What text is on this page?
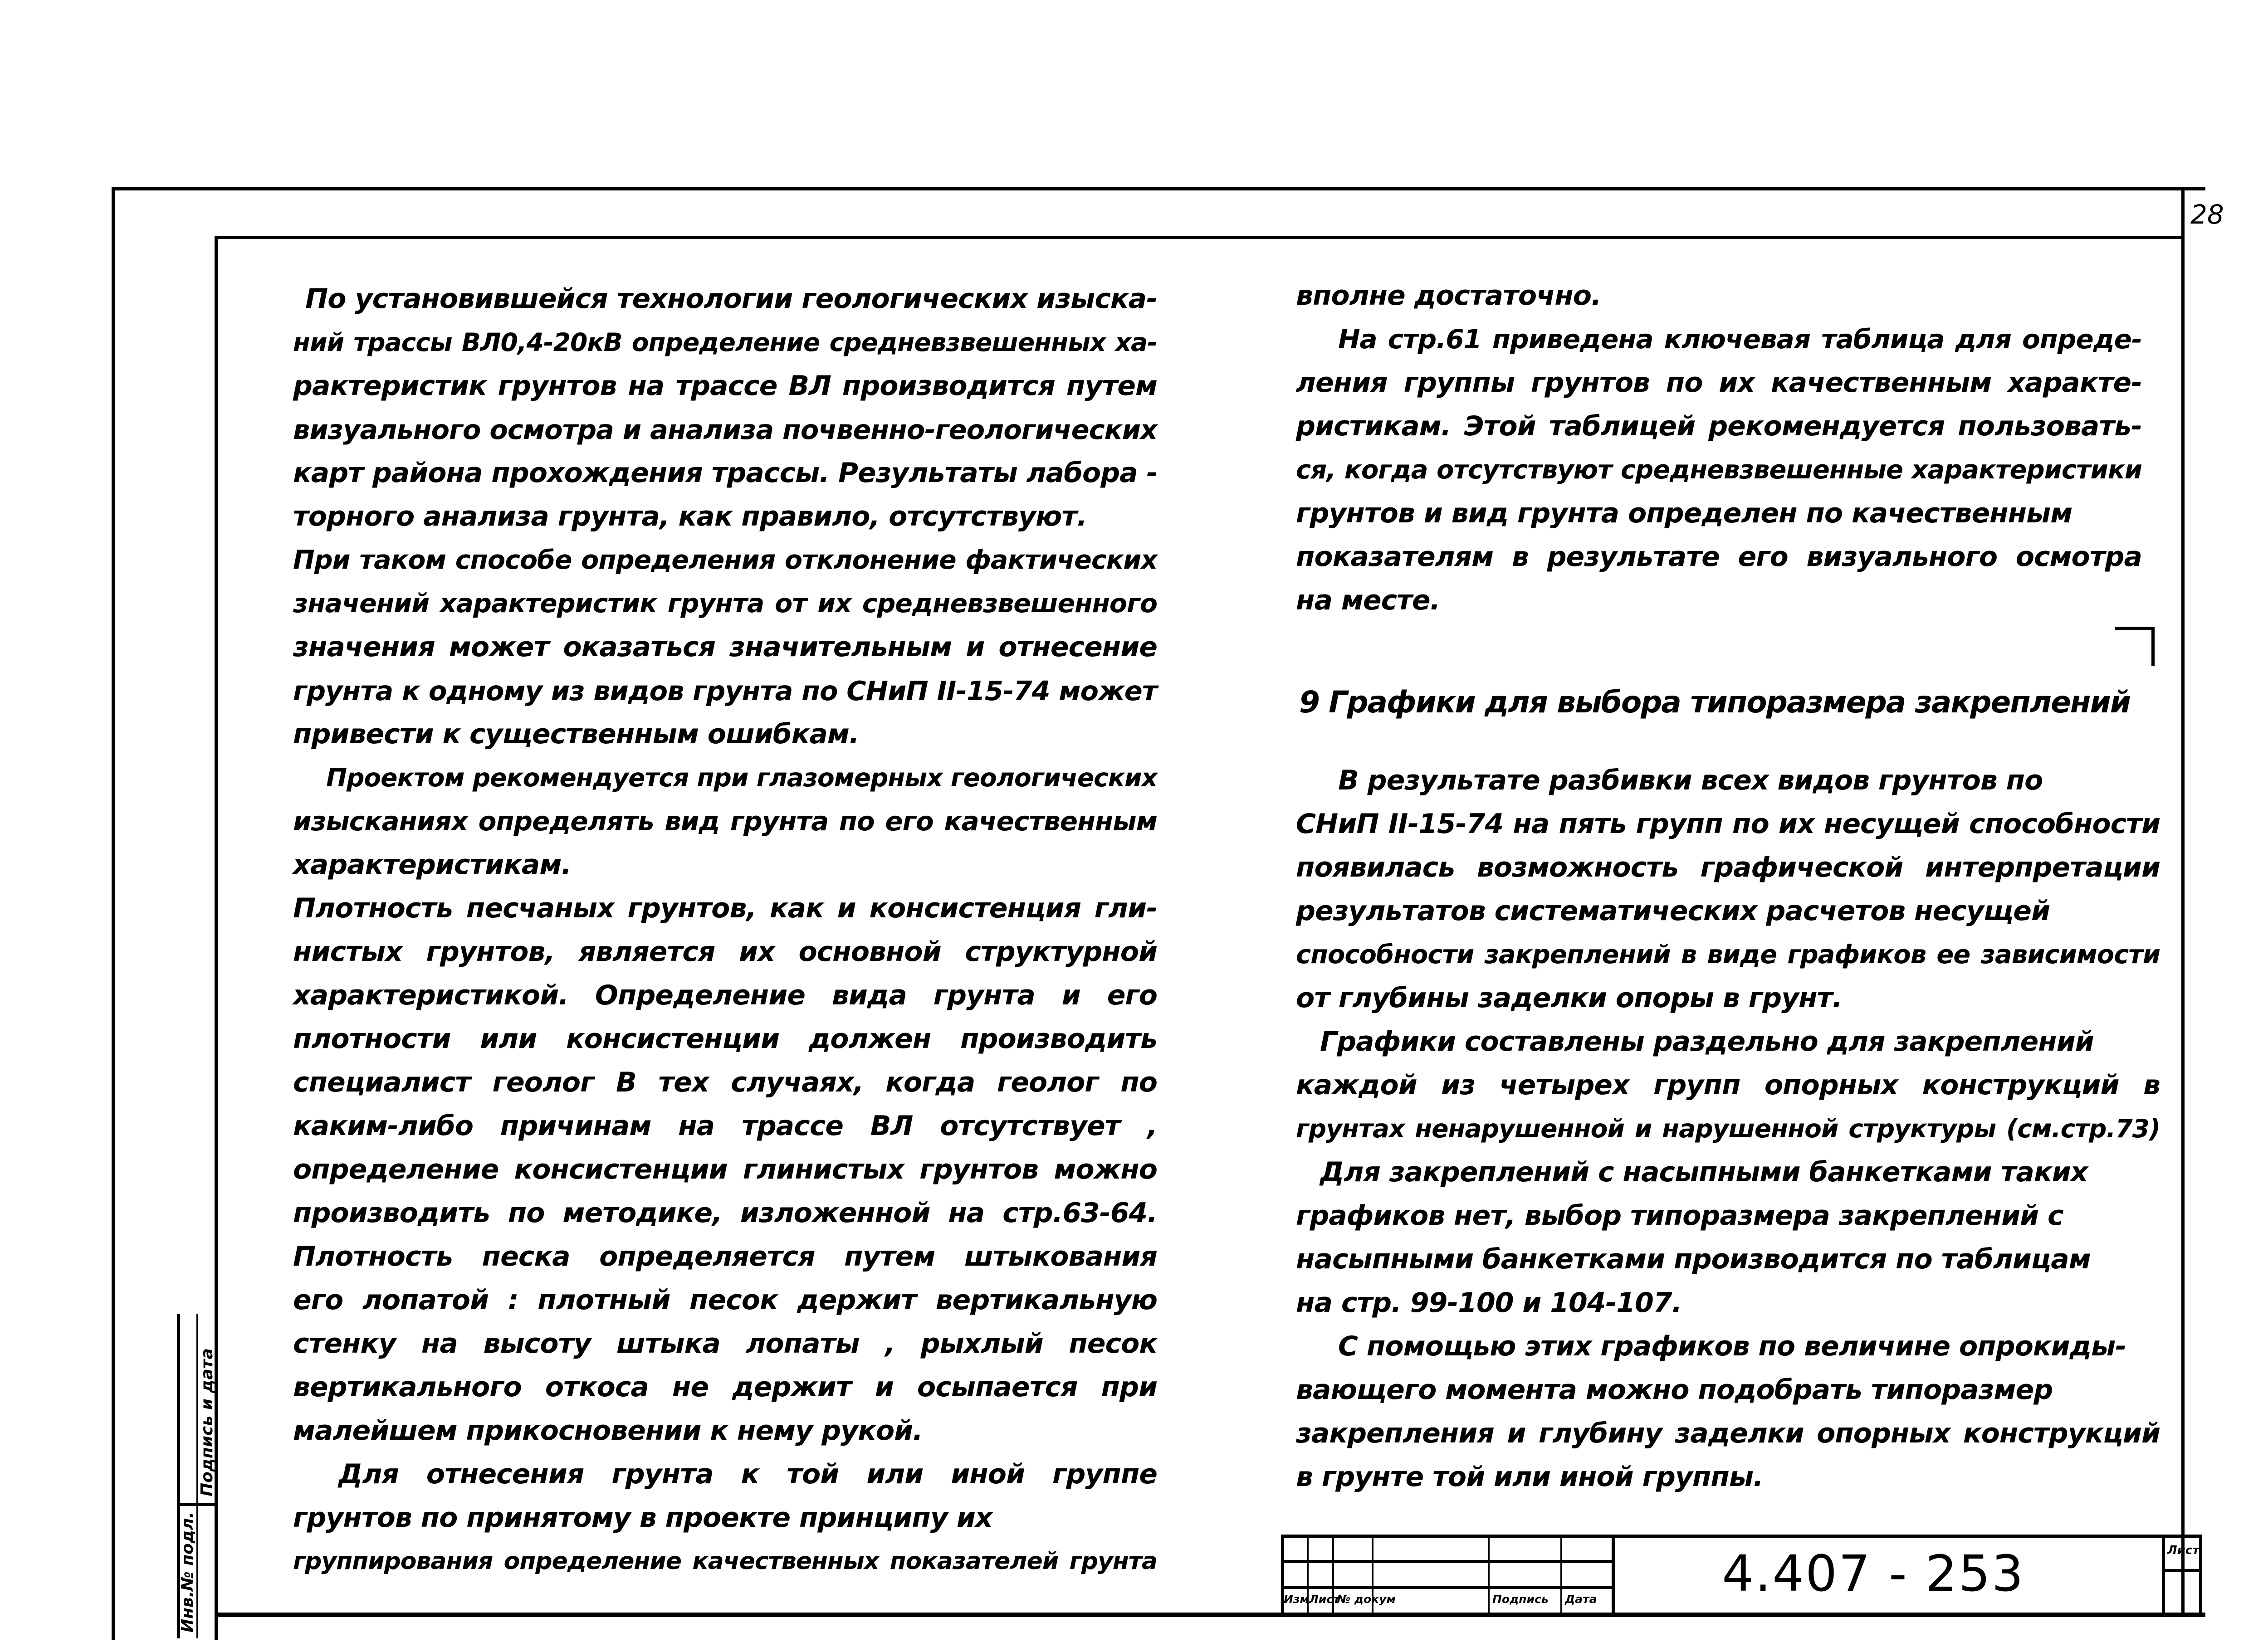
28
Инв.№ подл.
Подпись и дата
По установившейся технологии геологических изыска-
ний трассы ВЛ0,4-20кВ определение средневзвешенных ха-
рактеристик грунтов на трассе ВЛ производится путем
визуального осмотра и анализа почвенно-геологических
карт района прохождения трассы. Результаты лабора -
торного анализа грунта, как правило, отсутствуют.
При таком способе определения отклонение фактических
значений характеристик грунта от их средневзвешенного
значения может оказаться значительным и отнесение
грунта к одному из видов грунта по СНиП II-15-74 может
привести к существенным ошибкам.
Проектом рекомендуется при глазомерных геологических
изысканиях определять вид грунта по его качественным
характеристикам.
Плотность песчаных грунтов, как и консистенция гли-
нистых грунтов, является их основной структурной
характеристикой. Определение вида грунта и его
плотности или консистенции должен производить
специалист геолог В тех случаях, когда геолог по
каким-либо причинам на трассе ВЛ отсутствует ,
определение консистенции глинистых грунтов можно
производить по методике, изложенной на стр.63-64.
Плотность песка определяется путем штыкования
его лопатой : плотный песок держит вертикальную
стенку на высоту штыка лопаты , рыхлый песок
вертикального откоса не держит и осыпается при
малейшем прикосновении к нему рукой.
Для отнесения грунта к той или иной группе
грунтов по принятому в проекте принципу их
группирования определение качественных показателей грунта
вполне достаточно.
На стр.61 приведена ключевая таблица для опреде-
ления группы грунтов по их качественным характе-
ристикам. Этой таблицей рекомендуется пользовать-
ся, когда отсутствуют средневзвешенные характеристики
грунтов и вид грунта определен по качественным
показателям в результате его визуального осмотра
на месте.
9 Графики для выбора типоразмера закреплений
В результате разбивки всех видов грунтов по
СНиП II-15-74 на пять групп по их несущей способности
появилась возможность графической интерпретации
результатов систематических расчетов несущей
способности закреплений в виде графиков ее зависимости
от глубины заделки опоры в грунт.
Графики составлены раздельно для закреплений
каждой из четырех групп опорных конструкций в
грунтах ненарушенной и нарушенной структуры (см.стр.73)
Для закреплений с насыпными банкетками таких
графиков нет, выбор типоразмера закреплений с
насыпными банкетками производится по таблицам
на стр. 99-100 и 104-107.
С помощью этих графиков по величине опрокиды-
вающего момента можно подобрать типоразмер
закрепления и глубину заделки опорных конструкций
в грунте той или иной группы.
Изм Лист
№ докум	Подпись Дата	4.407 - 253	Лист
